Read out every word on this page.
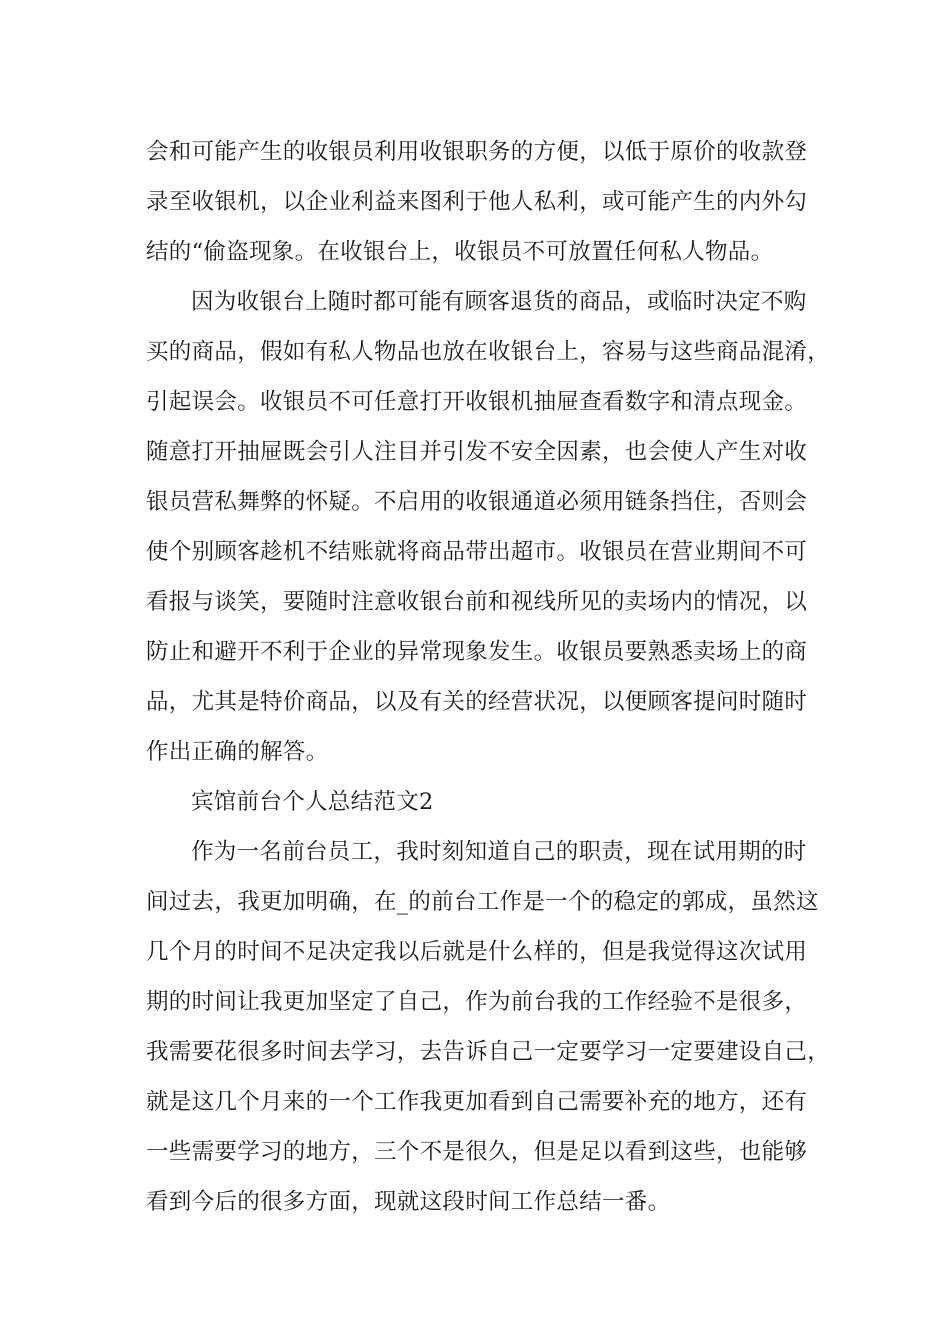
会和可能产生的收银员利用收银职务的方便，以低于原价的收款登
录至收银机，以企业利益来图利于他人私利，或可能产生的内外勾
结的“偷盗现象。在收银台上，收银员不可放置任何私人物品。
因为收银台上随时都可能有顾客退货的商品，或临时决定不购
买的商品，假如有私人物品也放在收银台上，容易与这些商品混淆，
引起误会。收银员不可任意打开收银机抽屉查看数字和清点现金。
随意打开抽屉既会引人注目并引发不安全因素，也会使人产生对收
银员营私舞弊的怀疑。不启用的收银通道必须用链条挡住，否则会
使个别顾客趁机不结账就将商品带出超市。收银员在营业期间不可
看报与谈笑，要随时注意收银台前和视线所见的卖场内的情况，以
防止和避开不利于企业的异常现象发生。收银员要熟悉卖场上的商
品，尤其是特价商品，以及有关的经营状况，以便顾客提问时随时
作出正确的解答。
宾馆前台个人总结范文2
作为一名前台员工，我时刻知道自己的职责，现在试用期的时
间过去，我更加明确，在_的前台工作是一个的稳定的郭成，虽然这
几个月的时间不足决定我以后就是什么样的，但是我觉得这次试用
期的时间让我更加坚定了自己，作为前台我的工作经验不是很多，
我需要花很多时间去学习，去告诉自己一定要学习一定要建设自己，
就是这几个月来的一个工作我更加看到自己需要补充的地方，还有
一些需要学习的地方，三个不是很久，但是足以看到这些，也能够
看到今后的很多方面，现就这段时间工作总结一番。
